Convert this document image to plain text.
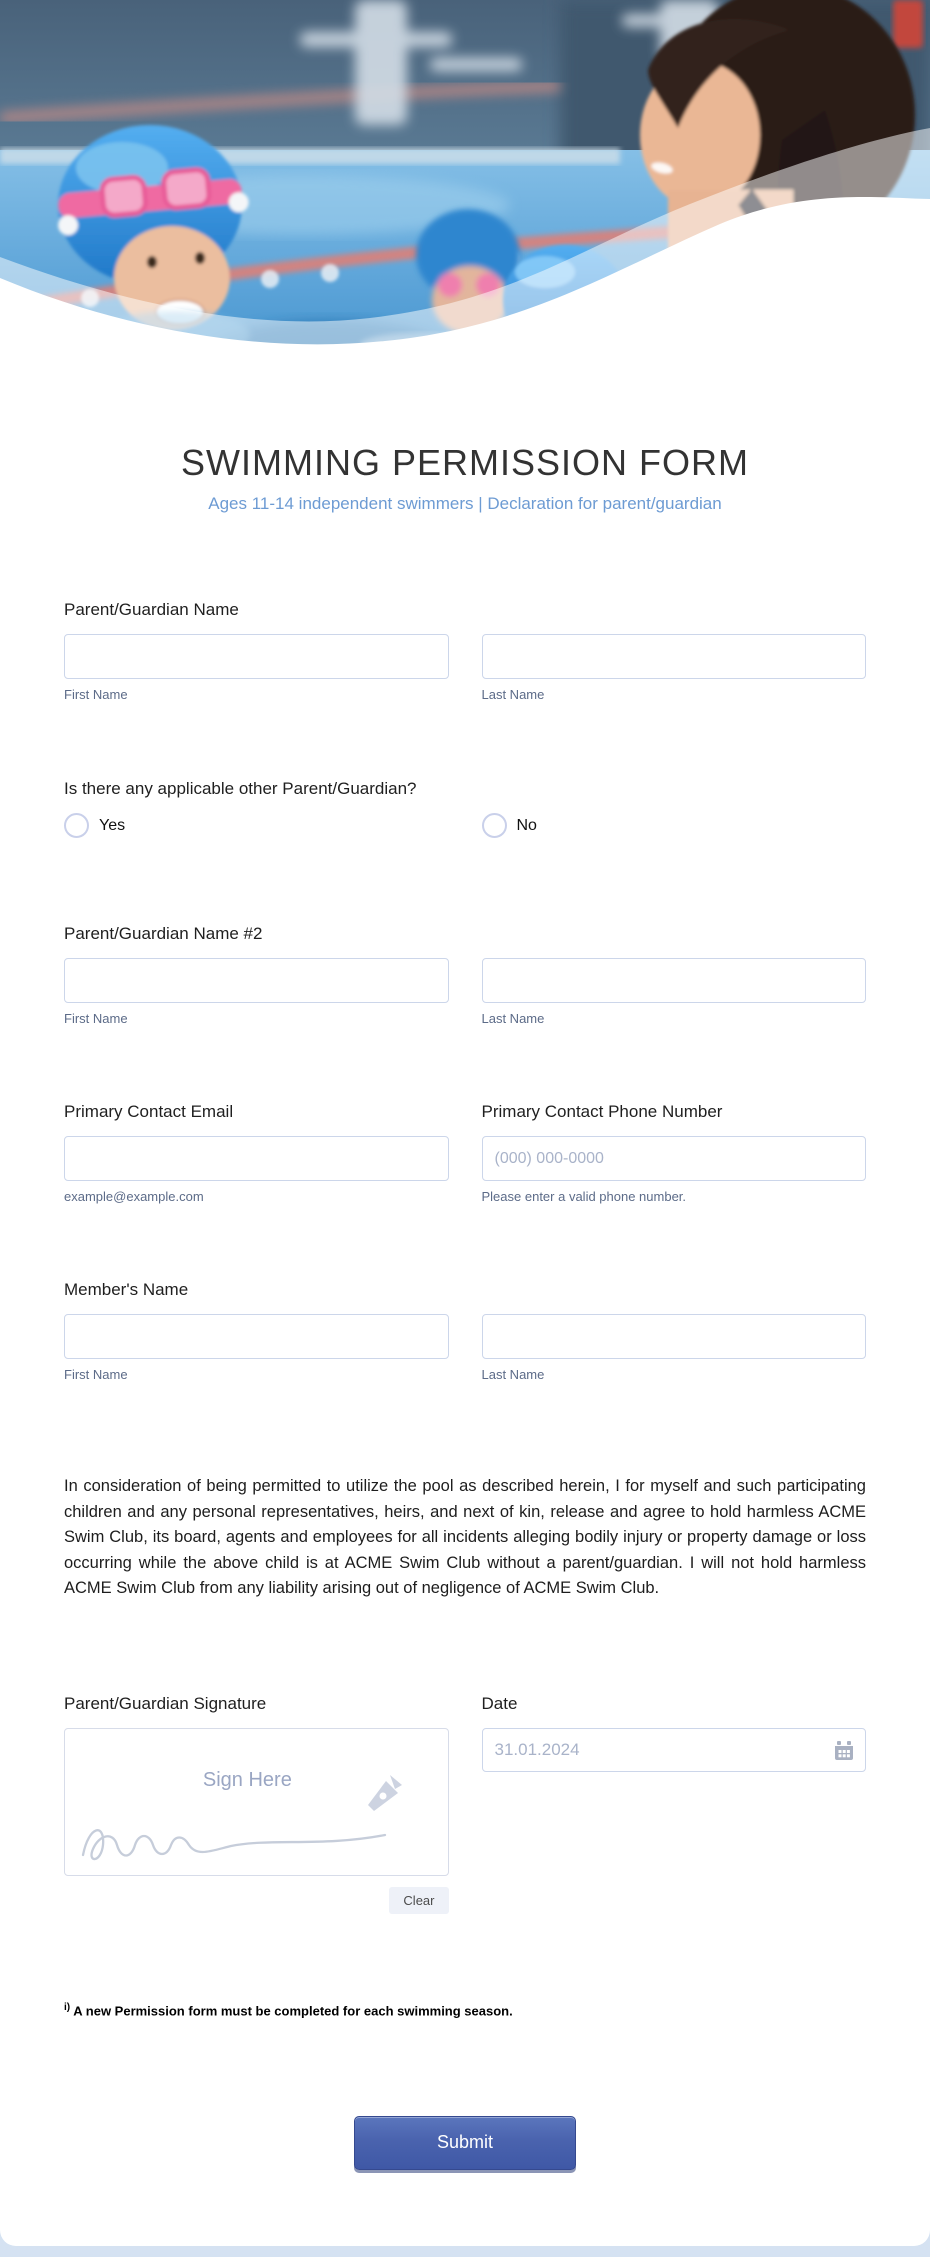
SWIMMING PERMISSION FORM

Ages 11-14 independent swimmers | Declaration for parent/guardian

Parent/Guardian Name
First Name	Last Name
Is there any applicable other Parent/Guardian?
Yes	No
Parent/Guardian Name #2
First Name	Last Name
Primary Contact Email
example@example.com
Primary Contact Phone Number
(000) 000-0000
Please enter a valid phone number.
Member's Name
First Name	Last Name

In consideration of being permitted to utilize the pool as described herein, I for myself and such participating children and any personal representatives, heirs, and next of kin, release and agree to hold harmless ACME Swim Club, its board, agents and employees for all incidents alleging bodily injury or property damage or loss occurring while the above child is at ACME Swim Club without a parent/guardian. I will not hold harmless ACME Swim Club from any liability arising out of negligence of ACME Swim Club.

Parent/Guardian Signature
Sign Here
Clear
Date
31.01.2024

$^{i)}$ A new Permission form must be completed for each swimming season.

Submit
